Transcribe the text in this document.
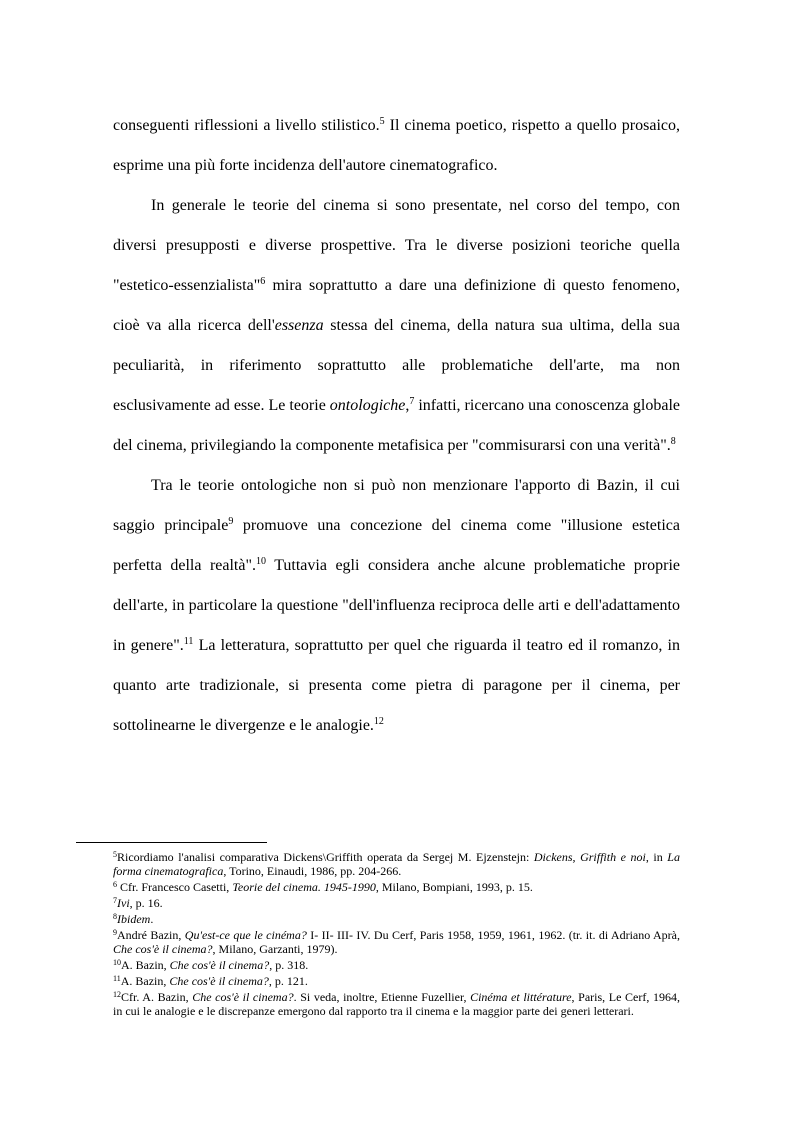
conseguenti riflessioni a livello stilistico.$^5$ Il cinema poetico, rispetto a quello prosaico, esprime una più forte incidenza dell'autore cinematografico.

In generale le teorie del cinema si sono presentate, nel corso del tempo, con diversi presupposti e diverse prospettive. Tra le diverse posizioni teoriche quella "estetico-essenzialista"$^6$ mira soprattutto a dare una definizione di questo fenomeno, cioè va alla ricerca dell'essenza stessa del cinema, della natura sua ultima, della sua peculiarità, in riferimento soprattutto alle problematiche dell'arte, ma non esclusivamente ad esse. Le teorie ontologiche,$^7$ infatti, ricercano una conoscenza globale del cinema, privilegiando la componente metafisica per "commisurarsi con una verità".$^8$

Tra le teorie ontologiche non si può non menzionare l'apporto di Bazin, il cui saggio principale$^9$ promuove una concezione del cinema come "illusione estetica perfetta della realtà".$^{10}$ Tuttavia egli considera anche alcune problematiche proprie dell'arte, in particolare la questione "dell'influenza reciproca delle arti e dell'adattamento in genere".$^{11}$ La letteratura, soprattutto per quel che riguarda il teatro ed il romanzo, in quanto arte tradizionale, si presenta come pietra di paragone per il cinema, per sottolinearne le divergenze e le analogie.$^{12}$

$^5$Ricordiamo l'analisi comparativa Dickens\Griffith operata da Sergej M. Ejzenstejn: Dickens, Griffith e noi, in La forma cinematografica, Torino, Einaudi, 1986, pp. 204-266.
$^6$ Cfr. Francesco Casetti, Teorie del cinema. 1945-1990, Milano, Bompiani, 1993, p. 15.
$^7$Ivi, p. 16.
$^8$Ibidem.
$^9$André Bazin, Qu'est-ce que le cinéma? I- II- III- IV. Du Cerf, Paris 1958, 1959, 1961, 1962. (tr. it. di Adriano Aprà, Che cos'è il cinema?, Milano, Garzanti, 1979).
$^{10}$A. Bazin, Che cos'è il cinema?, p. 318.
$^{11}$A. Bazin, Che cos'è il cinema?, p. 121.
$^{12}$Cfr. A. Bazin, Che cos'è il cinema?. Si veda, inoltre, Etienne Fuzellier, Cinéma et littérature, Paris, Le Cerf, 1964, in cui le analogie e le discrepanze emergono dal rapporto tra il cinema e la maggior parte dei generi letterari.
